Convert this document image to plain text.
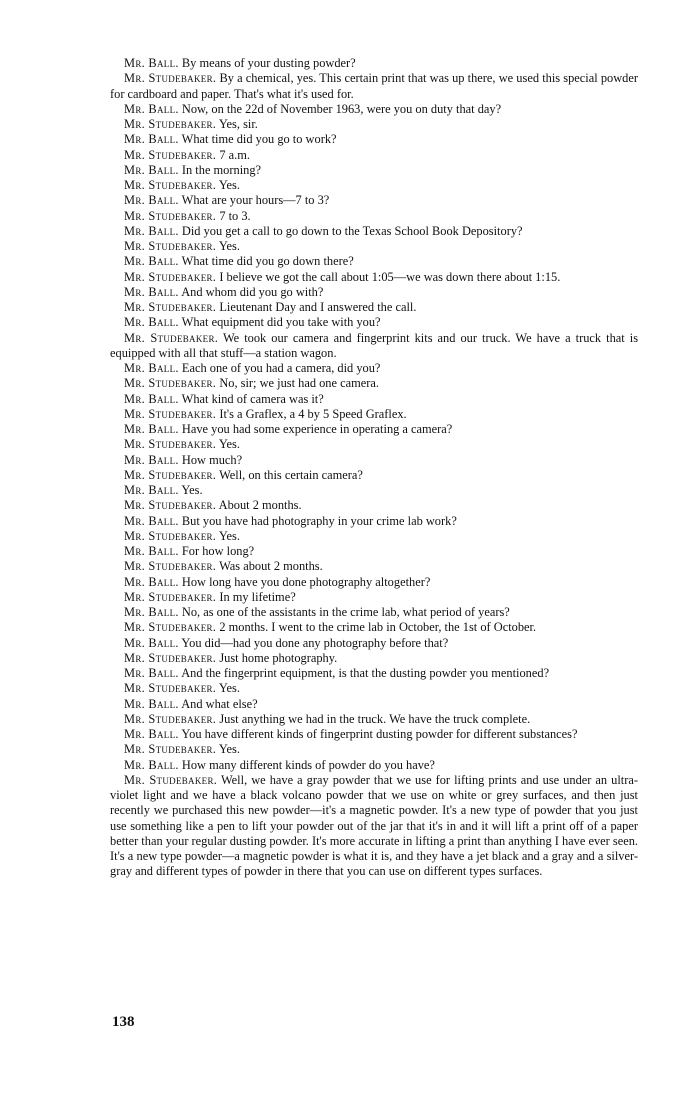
Mr. Ball. By means of your dusting powder?

Mr. Studebaker. By a chemical, yes. This certain print that was up there, we used this special powder for cardboard and paper. That's what it's used for.

Mr. Ball. Now, on the 22d of November 1963, were you on duty that day?

Mr. Studebaker. Yes, sir.

Mr. Ball. What time did you go to work?

Mr. Studebaker. 7 a.m.

Mr. Ball. In the morning?

Mr. Studebaker. Yes.

Mr. Ball. What are your hours—7 to 3?

Mr. Studebaker. 7 to 3.

Mr. Ball. Did you get a call to go down to the Texas School Book Depository?

Mr. Studebaker. Yes.

Mr. Ball. What time did you go down there?

Mr. Studebaker. I believe we got the call about 1:05—we was down there about 1:15.

Mr. Ball. And whom did you go with?

Mr. Studebaker. Lieutenant Day and I answered the call.

Mr. Ball. What equipment did you take with you?

Mr. Studebaker. We took our camera and fingerprint kits and our truck. We have a truck that is equipped with all that stuff—a station wagon.

Mr. Ball. Each one of you had a camera, did you?

Mr. Studebaker. No, sir; we just had one camera.

Mr. Ball. What kind of camera was it?

Mr. Studebaker. It's a Graflex, a 4 by 5 Speed Graflex.

Mr. Ball. Have you had some experience in operating a camera?

Mr. Studebaker. Yes.

Mr. Ball. How much?

Mr. Studebaker. Well, on this certain camera?

Mr. Ball. Yes.

Mr. Studebaker. About 2 months.

Mr. Ball. But you have had photography in your crime lab work?

Mr. Studebaker. Yes.

Mr. Ball. For how long?

Mr. Studebaker. Was about 2 months.

Mr. Ball. How long have you done photography altogether?

Mr. Studebaker. In my lifetime?

Mr. Ball. No, as one of the assistants in the crime lab, what period of years?

Mr. Studebaker. 2 months. I went to the crime lab in October, the 1st of October.

Mr. Ball. You did—had you done any photography before that?

Mr. Studebaker. Just home photography.

Mr. Ball. And the fingerprint equipment, is that the dusting powder you mentioned?

Mr. Studebaker. Yes.

Mr. Ball. And what else?

Mr. Studebaker. Just anything we had in the truck. We have the truck complete.

Mr. Ball. You have different kinds of fingerprint dusting powder for different substances?

Mr. Studebaker. Yes.

Mr. Ball. How many different kinds of powder do you have?

Mr. Studebaker. Well, we have a gray powder that we use for lifting prints and use under an ultra-violet light and we have a black volcano powder that we use on white or grey surfaces, and then just recently we purchased this new powder—it's a magnetic powder. It's a new type of powder that you just use something like a pen to lift your powder out of the jar that it's in and it will lift a print off of a paper better than your regular dusting powder. It's more accurate in lifting a print than anything I have ever seen. It's a new type powder—a magnetic powder is what it is, and they have a jet black and a gray and a silver-gray and different types of powder in there that you can use on different types surfaces.

138
